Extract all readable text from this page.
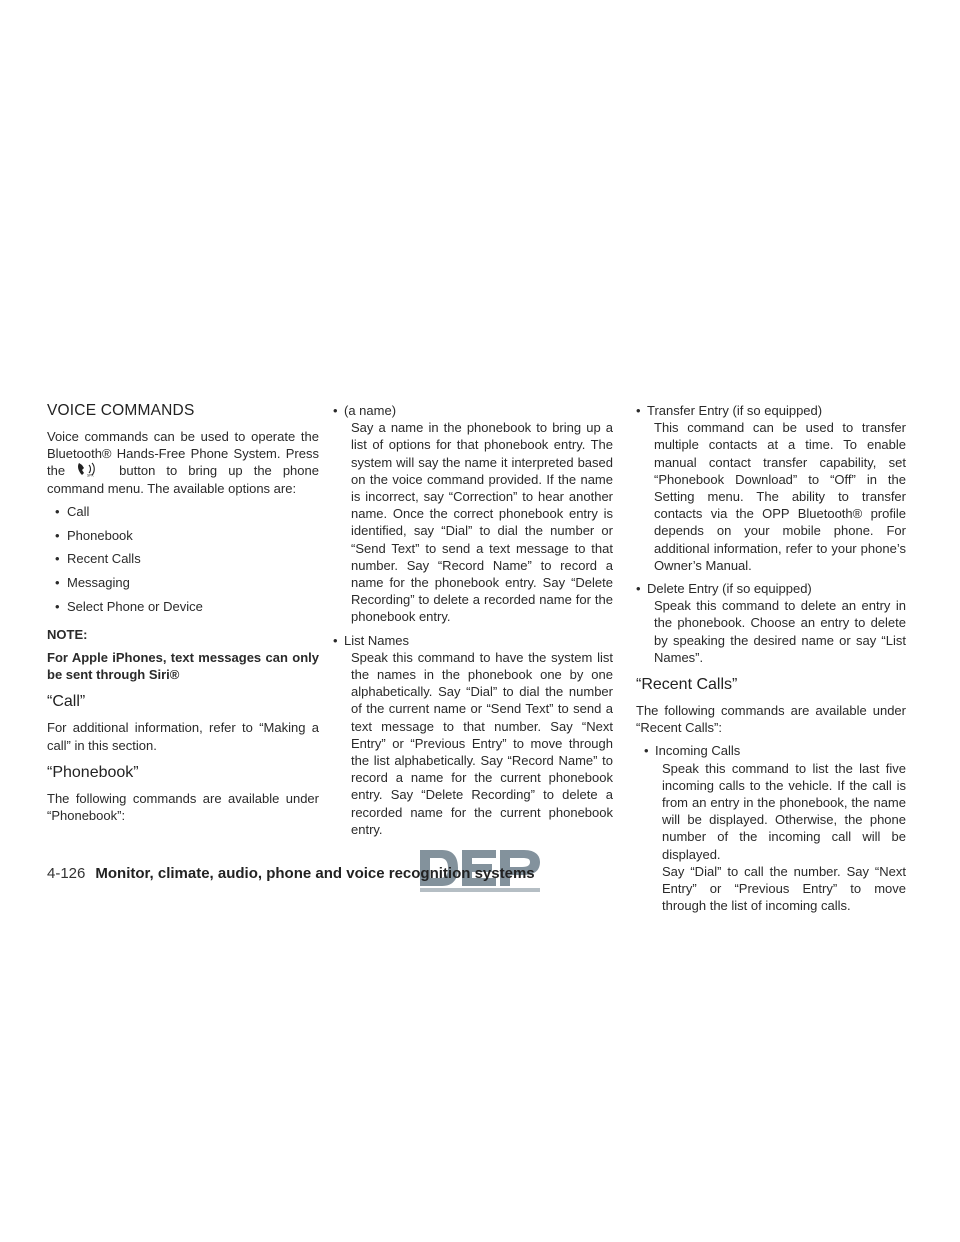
VOICE COMMANDS

Voice commands can be used to operate the Bluetooth® Hands-Free Phone System. Press the	SPK button to bring up the phone command menu. The available options are:

• Call
• Phonebook
• Recent Calls
• Messaging
• Select Phone or Device

NOTE:

For Apple iPhones, text messages can only be sent through Siri®

“Call”

For additional information, refer to “Making a call” in this section.

“Phonebook”

The following commands are available under “Phonebook”:

• (a name)
Say a name in the phonebook to bring up a list of options for that phonebook entry. The system will say the name it interpreted based on the voice command provided. If the name is incorrect, say “Correction” to hear another name. Once the correct phonebook entry is identified, say “Dial” to dial the number or “Send Text” to send a text message to that number. Say “Record Name” to record a name for the phonebook entry. Say “Delete Recording” to delete a recorded name for the phonebook entry.
• List Names
Speak this command to have the system list the names in the phonebook one by one alphabetically. Say “Dial” to dial the number of the current name or “Send Text” to send a text message to that number. Say “Next Entry” or “Previous Entry” to move through the list alphabetically. Say “Record Name” to record a name for the current phonebook entry. Say “Delete Recording” to delete a recorded name for the current phonebook entry.
• Transfer Entry (if so equipped)
This command can be used to transfer multiple contacts at a time. To enable manual contact transfer capability, set “Phonebook Download” to “Off” in the Setting menu. The ability to transfer contacts via the OPP Bluetooth® profile depends on your mobile phone. For additional information, refer to your phone’s Owner’s Manual.
• Delete Entry (if so equipped)
Speak this command to delete an entry in the phonebook. Choose an entry to delete by speaking the desired name or say “List Names”.
“Recent Calls”

The following commands are available under “Recent Calls”:

• Incoming Calls
Speak this command to list the last five incoming calls to the vehicle. If the call is from an entry in the phonebook, the name will be displayed. Otherwise, the phone number of the incoming call will be displayed.
Say “Dial” to call the number. Say “Next Entry” or “Previous Entry” to move through the list of incoming calls.
4-126 Monitor, climate, audio, phone and voice recognition systems
